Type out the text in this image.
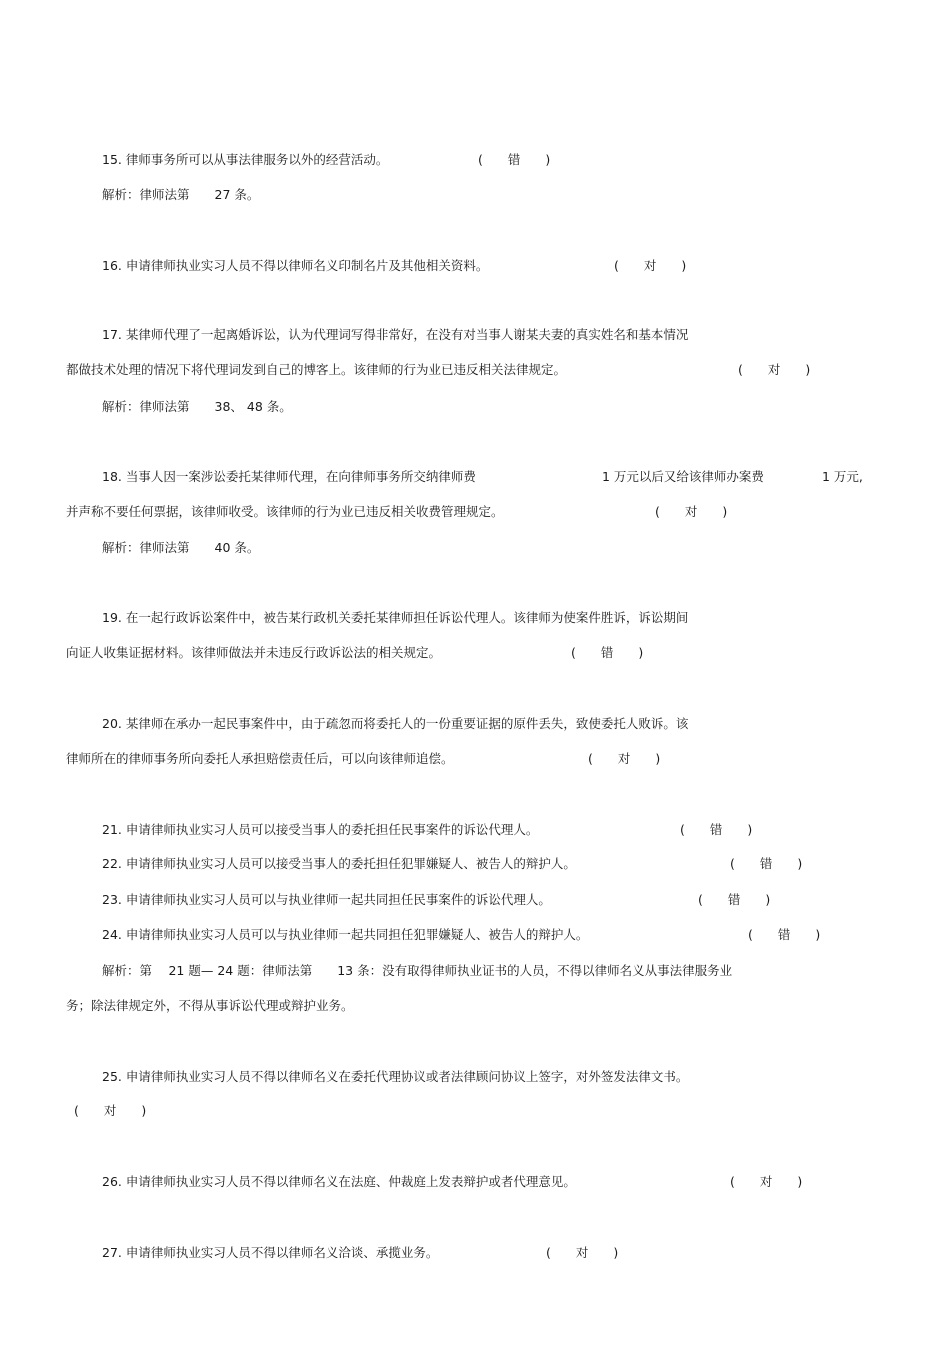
15. 律师事务所可以从事法律服务以外的经营活动。	(　　错　　)
解析：律师法第　　27 条。
16. 申请律师执业实习人员不得以律师名义印制名片及其他相关资料。	(　　对　　)
17. 某律师代理了一起离婚诉讼，认为代理词写得非常好，在没有对当事人谢某夫妻的真实姓名和基本情况
都做技术处理的情况下将代理词发到自己的博客上。该律师的行为业已违反相关法律规定。	(　　对　　)
解析：律师法第　　38、 48 条。
18. 当事人因一案涉讼委托某律师代理，在向律师事务所交纳律师费	1 万元以后又给该律师办案费	1 万元,
并声称不要任何票据，该律师收受。该律师的行为业已违反相关收费管理规定。	(　　对　　)
解析：律师法第　　40 条。
19. 在一起行政诉讼案件中，被告某行政机关委托某律师担任诉讼代理人。该律师为使案件胜诉，诉讼期间
向证人收集证据材料。该律师做法并未违反行政诉讼法的相关规定。	(　　错　　)
20. 某律师在承办一起民事案件中，由于疏忽而将委托人的一份重要证据的原件丢失，致使委托人败诉。该
律师所在的律师事务所向委托人承担赔偿责任后，可以向该律师追偿。	(　　对　　)
21. 申请律师执业实习人员可以接受当事人的委托担任民事案件的诉讼代理人。	(　　错　　)
22. 申请律师执业实习人员可以接受当事人的委托担任犯罪嫌疑人、被告人的辩护人。	(　　错　　)
23. 申请律师执业实习人员可以与执业律师一起共同担任民事案件的诉讼代理人。	(　　错　　)
24. 申请律师执业实习人员可以与执业律师一起共同担任犯罪嫌疑人、被告人的辩护人。	(　　错　　)
解析：第　 21 题— 24 题：律师法第　　13 条：没有取得律师执业证书的人员，不得以律师名义从事法律服务业
务；除法律规定外，不得从事诉讼代理或辩护业务。
25. 申请律师执业实习人员不得以律师名义在委托代理协议或者法律顾问协议上签字，对外签发法律文书。
(　　对　　)
26. 申请律师执业实习人员不得以律师名义在法庭、仲裁庭上发表辩护或者代理意见。	(　　对　　)
27. 申请律师执业实习人员不得以律师名义洽谈、承揽业务。	(　　对　　)
